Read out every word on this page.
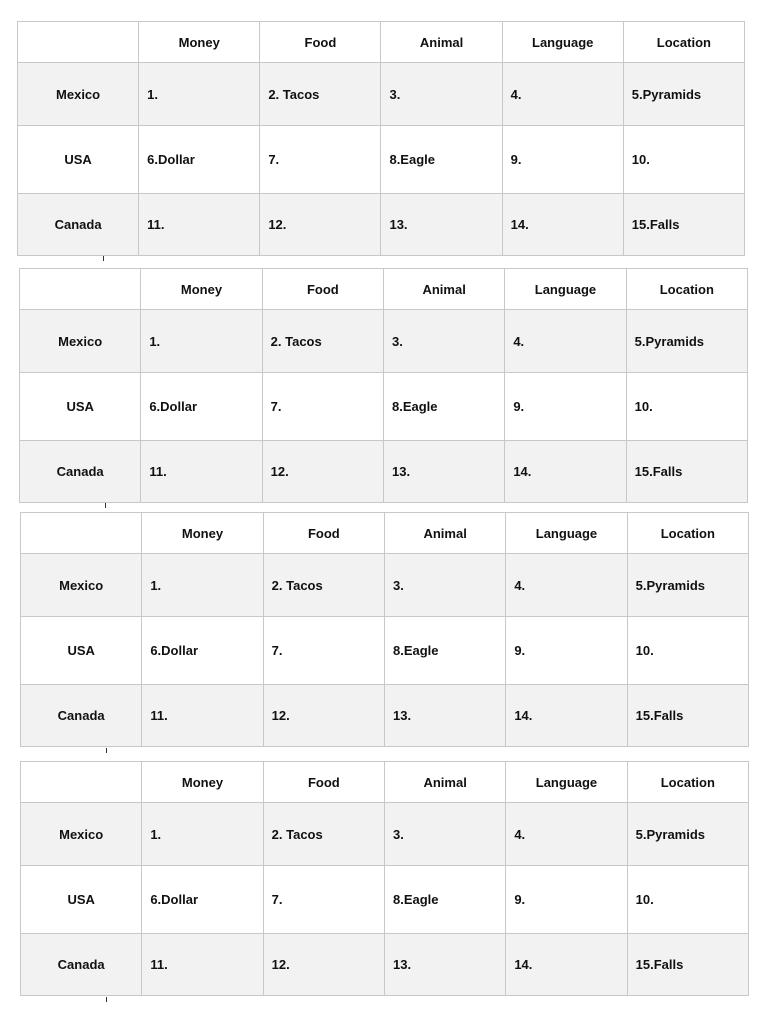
	Money	Food	Animal	Language	Location
Mexico	1.	2. Tacos	3.	4.	5.Pyramids
USA	6.Dollar	7.	8.Eagle	9.	10.
Canada	11.	12.	13.	14.	15.Falls
	Money	Food	Animal	Language	Location
Mexico	1.	2. Tacos	3.	4.	5.Pyramids
USA	6.Dollar	7.	8.Eagle	9.	10.
Canada	11.	12.	13.	14.	15.Falls
	Money	Food	Animal	Language	Location
Mexico	1.	2. Tacos	3.	4.	5.Pyramids
USA	6.Dollar	7.	8.Eagle	9.	10.
Canada	11.	12.	13.	14.	15.Falls
	Money	Food	Animal	Language	Location
Mexico	1.	2. Tacos	3.	4.	5.Pyramids
USA	6.Dollar	7.	8.Eagle	9.	10.
Canada	11.	12.	13.	14.	15.Falls
